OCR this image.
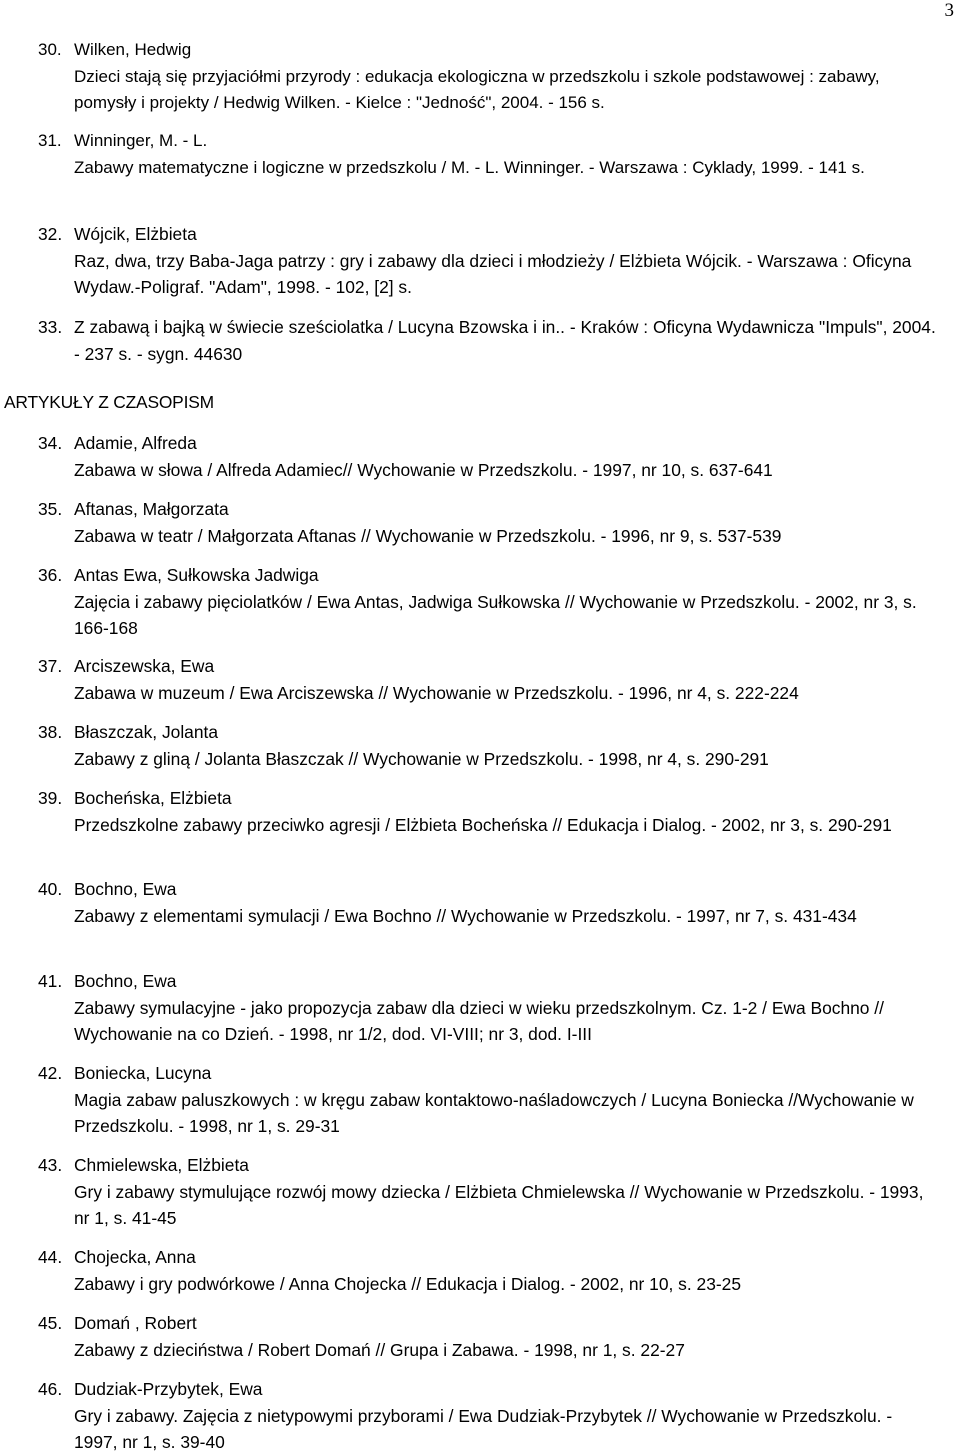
3
30. Wilken, Hedwig
Dzieci stają się przyjaciółmi przyrody : edukacja ekologiczna w przedszkolu i szkole podstawowej : zabawy, pomysły i projekty / Hedwig Wilken. - Kielce : "Jedność", 2004. - 156 s.
31. Winninger, M. - L.
Zabawy matematyczne i logiczne w przedszkolu / M. - L. Winninger. - Warszawa : Cyklady, 1999. - 141 s.
32. Wójcik, Elżbieta
Raz, dwa, trzy Baba-Jaga patrzy : gry i zabawy dla dzieci i młodzieży / Elżbieta Wójcik. - Warszawa : Oficyna Wydaw.-Poligraf. "Adam", 1998. - 102, [2] s.
33. Z zabawą i bajką w świecie sześciolatka / Lucyna Bzowska i in.. - Kraków : Oficyna Wydawnicza "Impuls", 2004. - 237 s. - sygn. 44630
ARTYKUŁY Z CZASOPISM
34. Adamie, Alfreda
Zabawa w słowa / Alfreda Adamiec// Wychowanie w Przedszkolu. - 1997, nr 10, s. 637-641
35. Aftanas, Małgorzata
Zabawa w teatr / Małgorzata Aftanas // Wychowanie w Przedszkolu. - 1996, nr 9, s. 537-539
36. Antas Ewa, Sułkowska Jadwiga
Zajęcia i zabawy pięciolatków / Ewa Antas, Jadwiga Sułkowska // Wychowanie w Przedszkolu. - 2002, nr 3, s. 166-168
37. Arciszewska, Ewa
Zabawa w muzeum / Ewa Arciszewska // Wychowanie w Przedszkolu. - 1996, nr 4, s. 222-224
38. Błaszczak, Jolanta
Zabawy z gliną / Jolanta Błaszczak // Wychowanie w Przedszkolu. - 1998, nr 4, s. 290-291
39. Bocheńska, Elżbieta
Przedszkolne zabawy przeciwko agresji / Elżbieta Bocheńska // Edukacja i Dialog. - 2002, nr 3, s. 290-291
40. Bochno, Ewa
Zabawy z elementami symulacji / Ewa Bochno // Wychowanie w Przedszkolu. - 1997, nr 7, s. 431-434
41. Bochno, Ewa
Zabawy symulacyjne - jako propozycja zabaw dla dzieci w wieku przedszkolnym. Cz. 1-2 / Ewa Bochno // Wychowanie na co Dzień. - 1998, nr 1/2, dod. VI-VIII; nr 3, dod. I-III
42. Boniecka, Lucyna
Magia zabaw paluszkowych : w kręgu zabaw kontaktowo-naśladowczych / Lucyna Boniecka //Wychowanie w Przedszkolu. - 1998, nr 1, s. 29-31
43. Chmielewska, Elżbieta
Gry i zabawy stymulujące rozwój mowy dziecka / Elżbieta Chmielewska // Wychowanie w Przedszkolu. - 1993, nr 1, s. 41-45
44. Chojecka, Anna
Zabawy i gry podwórkowe / Anna Chojecka // Edukacja i Dialog. - 2002, nr 10, s. 23-25
45. Domań , Robert
Zabawy z dzieciństwa / Robert Domań // Grupa i Zabawa. - 1998, nr 1, s. 22-27
46. Dudziak-Przybytek, Ewa
Gry i zabawy. Zajęcia z nietypowymi przyborami / Ewa Dudziak-Przybytek // Wychowanie w Przedszkolu. - 1997, nr 1, s. 39-40
